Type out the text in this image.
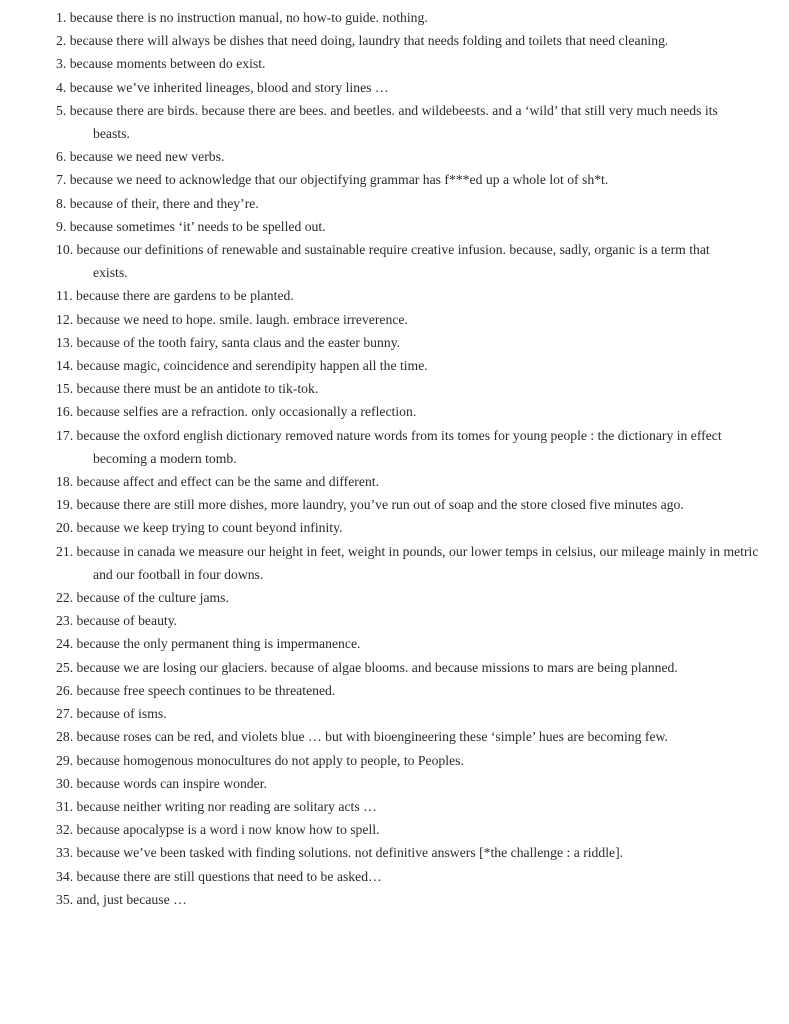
1. because there is no instruction manual, no how-to guide. nothing.
2. because there will always be dishes that need doing, laundry that needs folding and toilets that need cleaning.
3. because moments between do exist.
4. because we’ve inherited lineages, blood and story lines …
5. because there are birds. because there are bees. and beetles. and wildebeests. and a ‘wild’ that still very much needs its beasts.
6. because we need new verbs.
7. because we need to acknowledge that our objectifying grammar has f***ed up a whole lot of sh*t.
8. because of their, there and they’re.
9. because sometimes ‘it’ needs to be spelled out.
10. because our definitions of renewable and sustainable require creative infusion. because, sadly, organic is a term that exists.
11. because there are gardens to be planted.
12. because we need to hope. smile. laugh. embrace irreverence.
13. because of the tooth fairy, santa claus and the easter bunny.
14. because magic, coincidence and serendipity happen all the time.
15. because there must be an antidote to tik-tok.
16. because selfies are a refraction. only occasionally a reflection.
17. because the oxford english dictionary removed nature words from its tomes for young people : the dictionary in effect becoming a modern tomb.
18. because affect and effect can be the same and different.
19. because there are still more dishes, more laundry, you’ve run out of soap and the store closed five minutes ago.
20. because we keep trying to count beyond infinity.
21. because in canada we measure our height in feet, weight in pounds, our lower temps in celsius, our mileage mainly in metric and our football in four downs.
22. because of the culture jams.
23. because of beauty.
24. because the only permanent thing is impermanence.
25. because we are losing our glaciers. because of algae blooms. and because missions to mars are being planned.
26. because free speech continues to be threatened.
27. because of isms.
28. because roses can be red, and violets blue … but with bioengineering these ‘simple’ hues are becoming few.
29. because homogenous monocultures do not apply to people, to Peoples.
30. because words can inspire wonder.
31. because neither writing nor reading are solitary acts …
32. because apocalypse is a word i now know how to spell.
33. because we’ve been tasked with finding solutions. not definitive answers [*the challenge : a riddle].
34. because there are still questions that need to be asked…
35. and, just because …
